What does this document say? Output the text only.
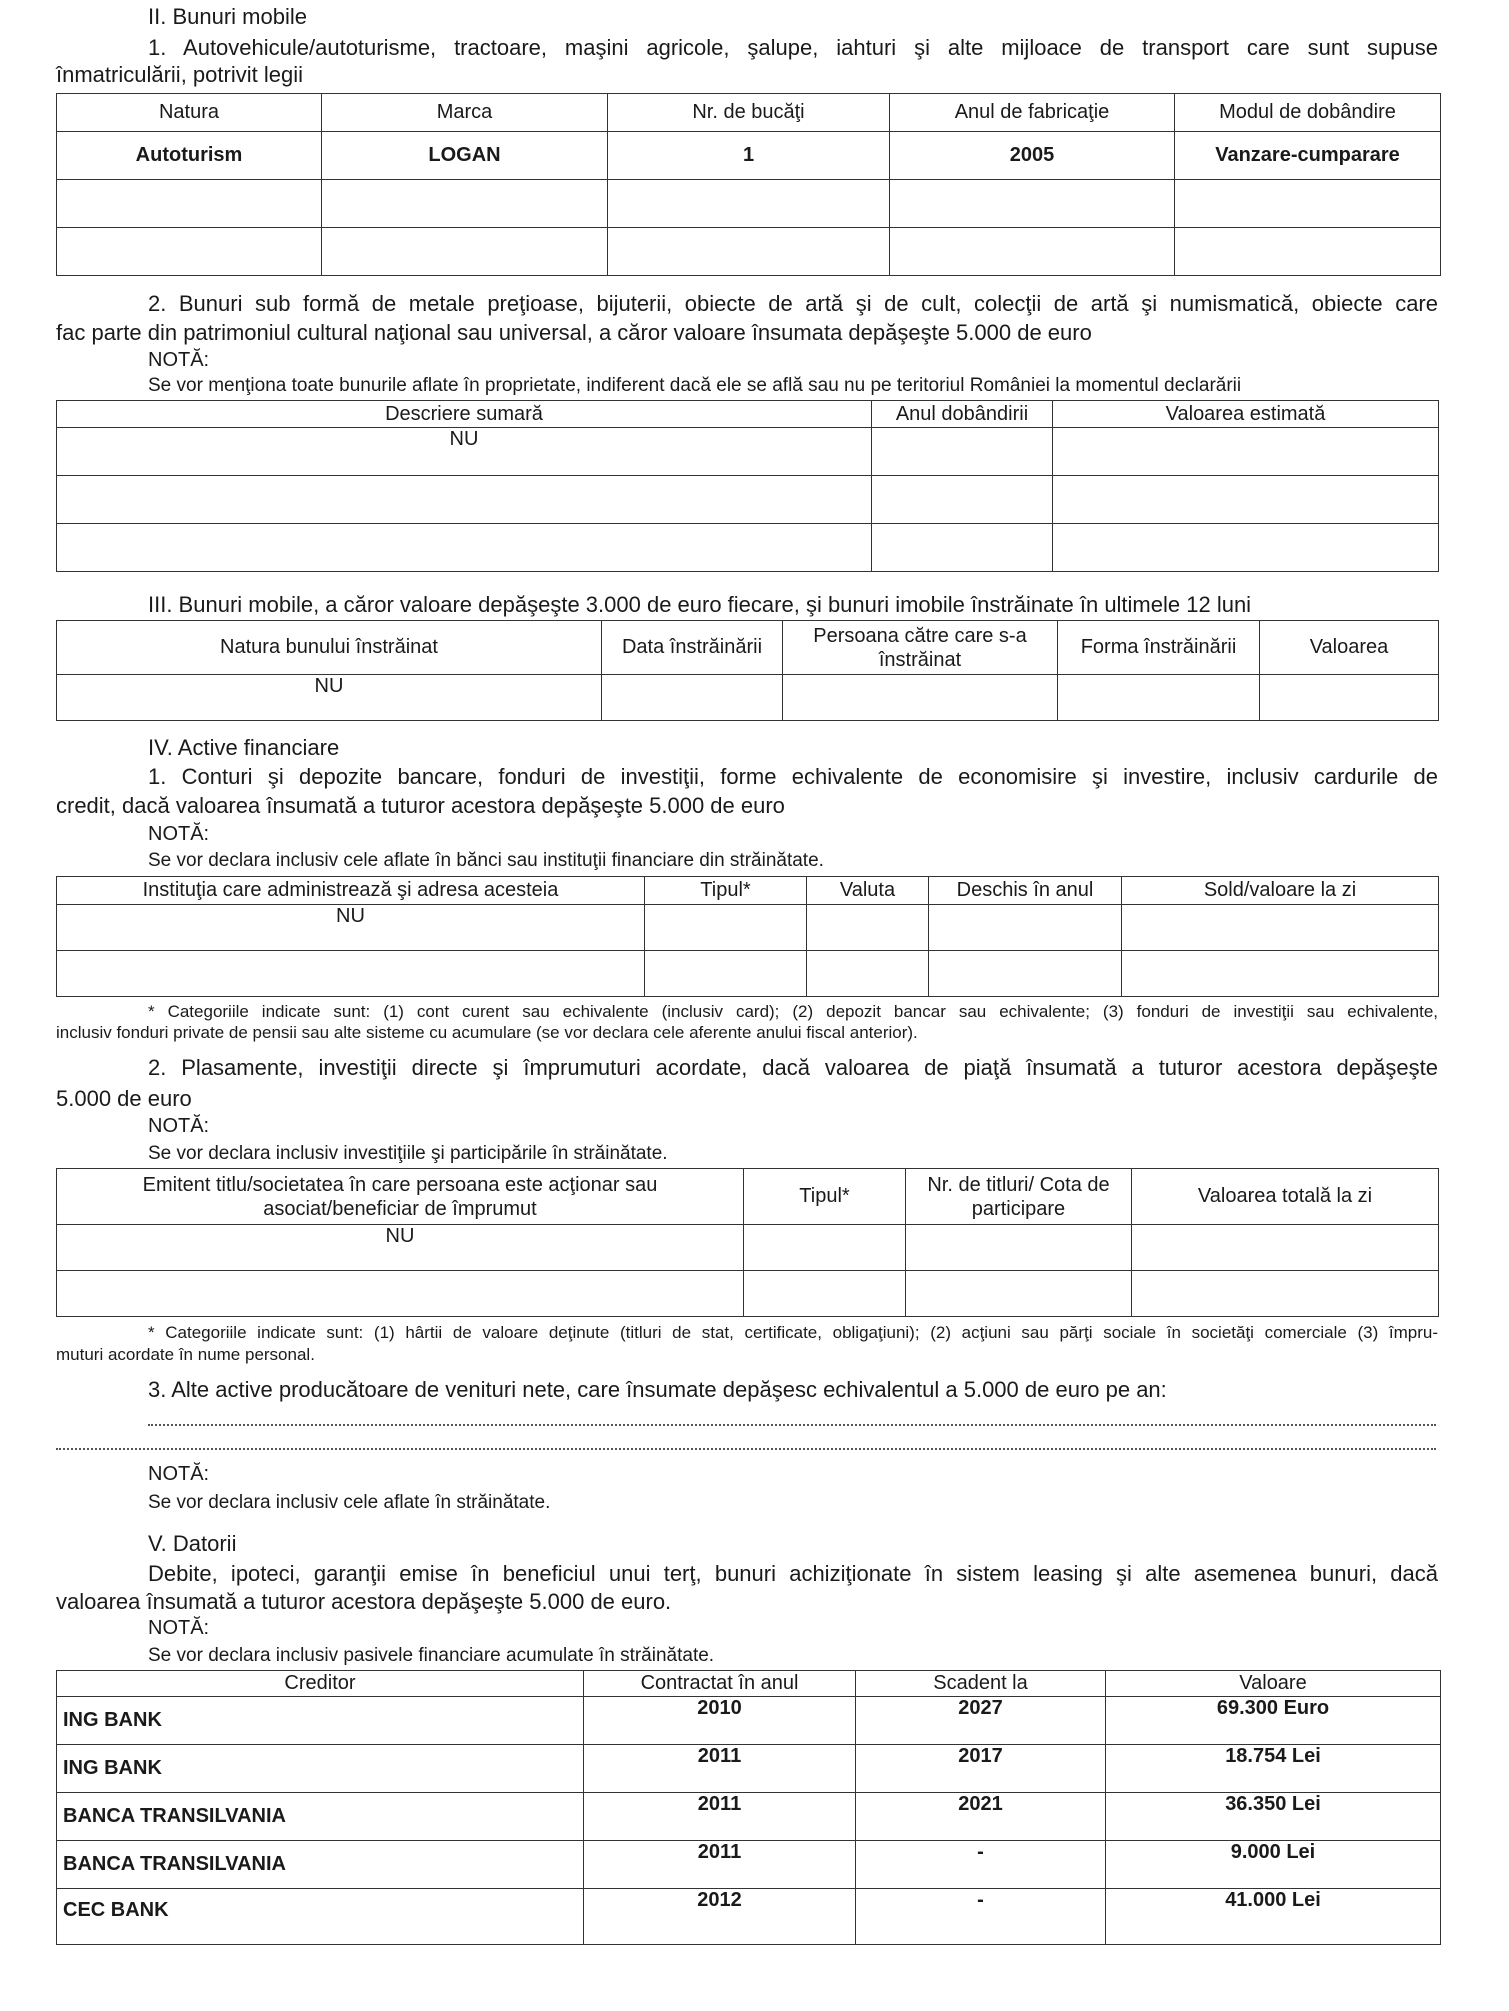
II. Bunuri mobile
1. Autovehicule/autoturisme, tractoare, maşini agricole, şalupe, iahturi şi alte mijloace de transport care sunt supuse
înmatriculării, potrivit legii
Natura	Marca	Nr. de bucăţi	Anul de fabricaţie	Modul de dobândire
Autoturism	LOGAN	1	2005	Vanzare-cumparare

2. Bunuri sub formă de metale preţioase, bijuterii, obiecte de artă şi de cult, colecţii de artă şi numismatică, obiecte care
fac parte din patrimoniul cultural naţional sau universal, a căror valoare însumata depăşeşte 5.000 de euro
NOTĂ:
Se vor menţiona toate bunurile aflate în proprietate, indiferent dacă ele se află sau nu pe teritoriul României la momentul declarării
Descriere sumară	Anul dobândirii	Valoarea estimată
NU		

III. Bunuri mobile, a căror valoare depăşeşte 3.000 de euro fiecare, şi bunuri imobile înstrăinate în ultimele 12 luni
Natura bunului înstrăinat	Data înstrăinării	Persoana către care s-a înstrăinat	Forma înstrăinării	Valoarea
NU				
IV. Active financiare
1. Conturi şi depozite bancare, fonduri de investiţii, forme echivalente de economisire şi investire, inclusiv cardurile de
credit, dacă valoarea însumată a tuturor acestora depăşeşte 5.000 de euro
NOTĂ:
Se vor declara inclusiv cele aflate în bănci sau instituţii financiare din străinătate.
Instituţia care administrează şi adresa acesteia	Tipul*	Valuta	Deschis în anul	Sold/valoare la zi
NU				

* Categoriile indicate sunt: (1) cont curent sau echivalente (inclusiv card); (2) depozit bancar sau echivalente; (3) fonduri de investiţii sau echivalente,
inclusiv fonduri private de pensii sau alte sisteme cu acumulare (se vor declara cele aferente anului fiscal anterior).
2. Plasamente, investiţii directe şi împrumuturi acordate, dacă valoarea de piaţă însumată a tuturor acestora depăşeşte
5.000 de euro
NOTĂ:
Se vor declara inclusiv investiţiile şi participările în străinătate.
Emitent titlu/societatea în care persoana este acţionar sau asociat/beneficiar de împrumut	Tipul*	Nr. de titluri/ Cota de participare	Valoarea totală la zi
NU			

* Categoriile indicate sunt: (1) hârtii de valoare deţinute (titluri de stat, certificate, obligaţiuni); (2) acţiuni sau părţi sociale în societăţi comerciale (3) împru-
muturi acordate în nume personal.
3. Alte active producătoare de venituri nete, care însumate depăşesc echivalentul a 5.000 de euro pe an:
NOTĂ:
Se vor declara inclusiv cele aflate în străinătate.
V. Datorii
Debite, ipoteci, garanţii emise în beneficiul unui terţ, bunuri achiziţionate în sistem leasing şi alte asemenea bunuri, dacă
valoarea însumată a tuturor acestora depăşeşte 5.000 de euro.
NOTĂ:
Se vor declara inclusiv pasivele financiare acumulate în străinătate.
Creditor	Contractat în anul	Scadent la	Valoare
ING BANK	2010	2027	69.300 Euro
ING BANK	2011	2017	18.754 Lei
BANCA TRANSILVANIA	2011	2021	36.350 Lei
BANCA TRANSILVANIA	2011	-	9.000 Lei
CEC BANK	2012	-	41.000 Lei
